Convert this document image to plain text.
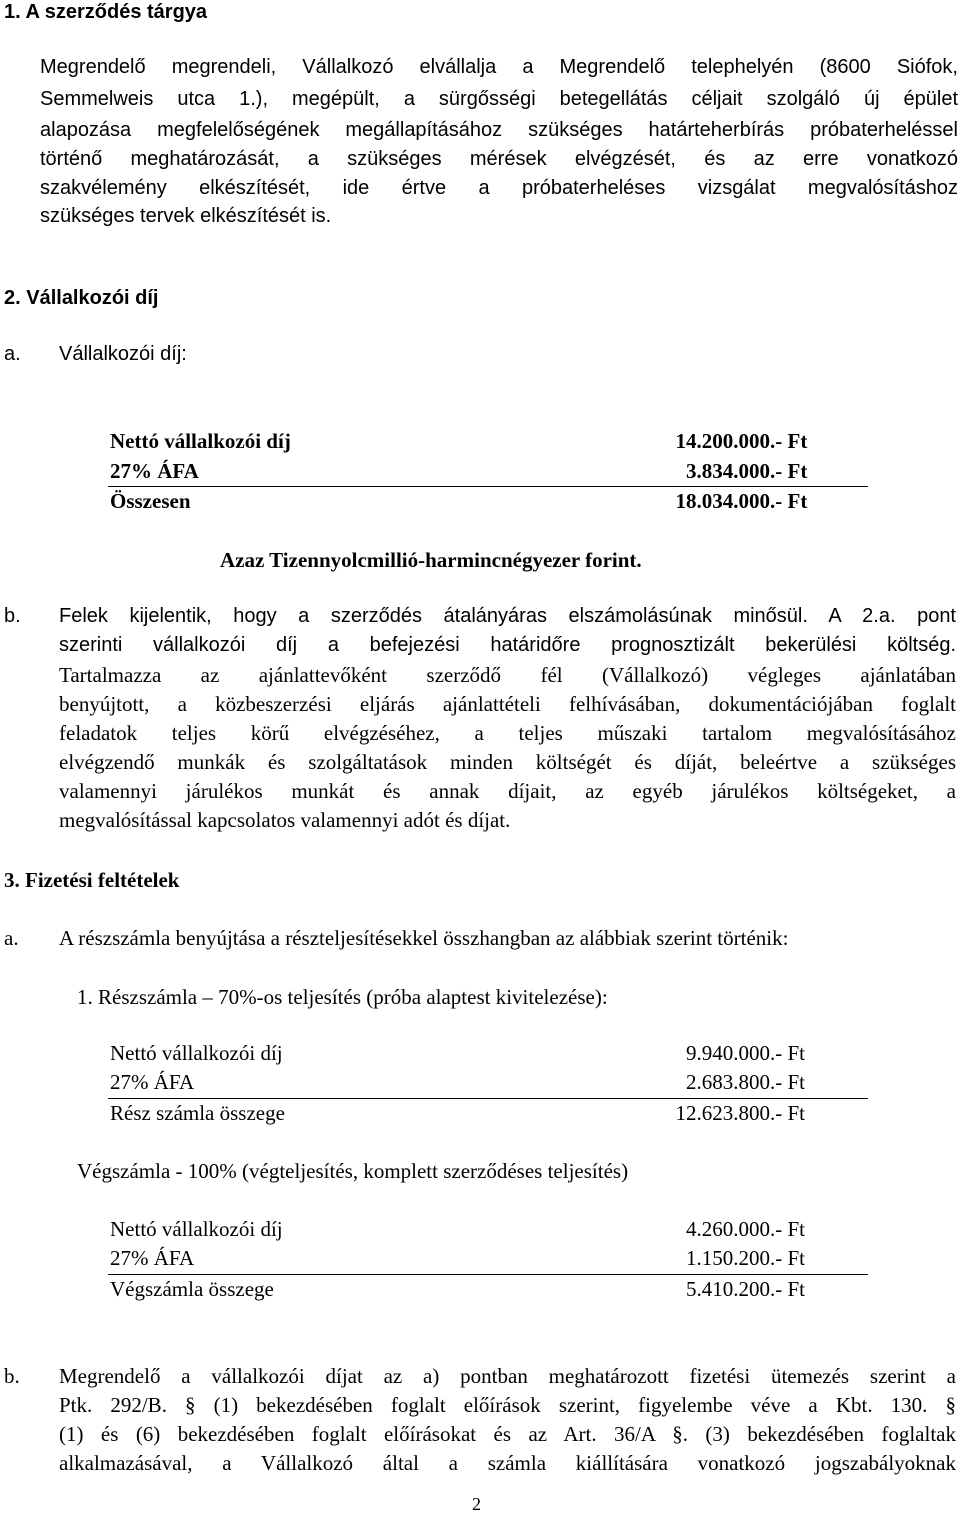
1. A szerződés tárgya
Megrendelő megrendeli, Vállalkozó elvállalja a Megrendelő telephelyén (8600 Siófok,
Semmelweis utca 1.), megépült, a sürgősségi betegellátás céljait szolgáló új épület
alapozása megfelelőségének megállapításához szükséges határteherbírás próbaterheléssel
történő meghatározását, a szükséges mérések elvégzését, és az erre vonatkozó
szakvélemény elkészítését, ide értve a próbaterheléses vizsgálat megvalósításhoz
szükséges tervek elkészítését is.
2. Vállalkozói díj
a. Vállalkozói díj:
Nettó vállalkozói díj	14.200.000 .- Ft
27% ÁFA	3.834.000 .- Ft
Összesen	18.034.000 .- Ft
Azaz Tizennyolcmillió-harmincnégyezer forint.
b. Felek kijelentik, hogy a szerződés átalányáras elszámolásúnak minősül. A 2.a. pont
szerinti vállalkozói díj a befejezési határidőre prognosztizált bekerülési költség.
Tartalmazza az ajánlattevőként szerződő fél (Vállalkozó) végleges ajánlatában
benyújtott, a közbeszerzési eljárás ajánlattételi felhívásában, dokumentációjában foglalt
feladatok teljes körű elvégzéséhez, a teljes műszaki tartalom megvalósításához
elvégzendő munkák és szolgáltatások minden költségét és díját, beleértve a szükséges
valamennyi járulékos munkát és annak díjait, az egyéb járulékos költségeket, a
megvalósítással kapcsolatos valamennyi adót és díjat.
3. Fizetési feltételek
a. A részszámla benyújtása a részteljesítésekkel összhangban az alábbiak szerint történik:
1. Részszámla – 70%-os teljesítés (próba alaptest kivitelezése):
Nettó vállalkozói díj	9.940.000 .- Ft
27% ÁFA	2.683.800 .- Ft
Rész számla összege	12.623.800 .- Ft
Végszámla - 100% (végteljesítés, komplett szerződéses teljesítés)
Nettó vállalkozói díj	4.260.000 .- Ft
27% ÁFA	1.150.200 .- Ft
Végszámla összege	5.410.200 .- Ft
b. Megrendelő a vállalkozói díjat az a) pontban meghatározott fizetési ütemezés szerint a
Ptk. 292/B. § (1) bekezdésében foglalt előírások szerint, figyelembe véve a Kbt. 130. §
(1) és (6) bekezdésében foglalt előírásokat és az Art. 36/A §. (3) bekezdésében foglaltak
alkalmazásával, a Vállalkozó által a számla kiállítására vonatkozó jogszabályoknak
2
